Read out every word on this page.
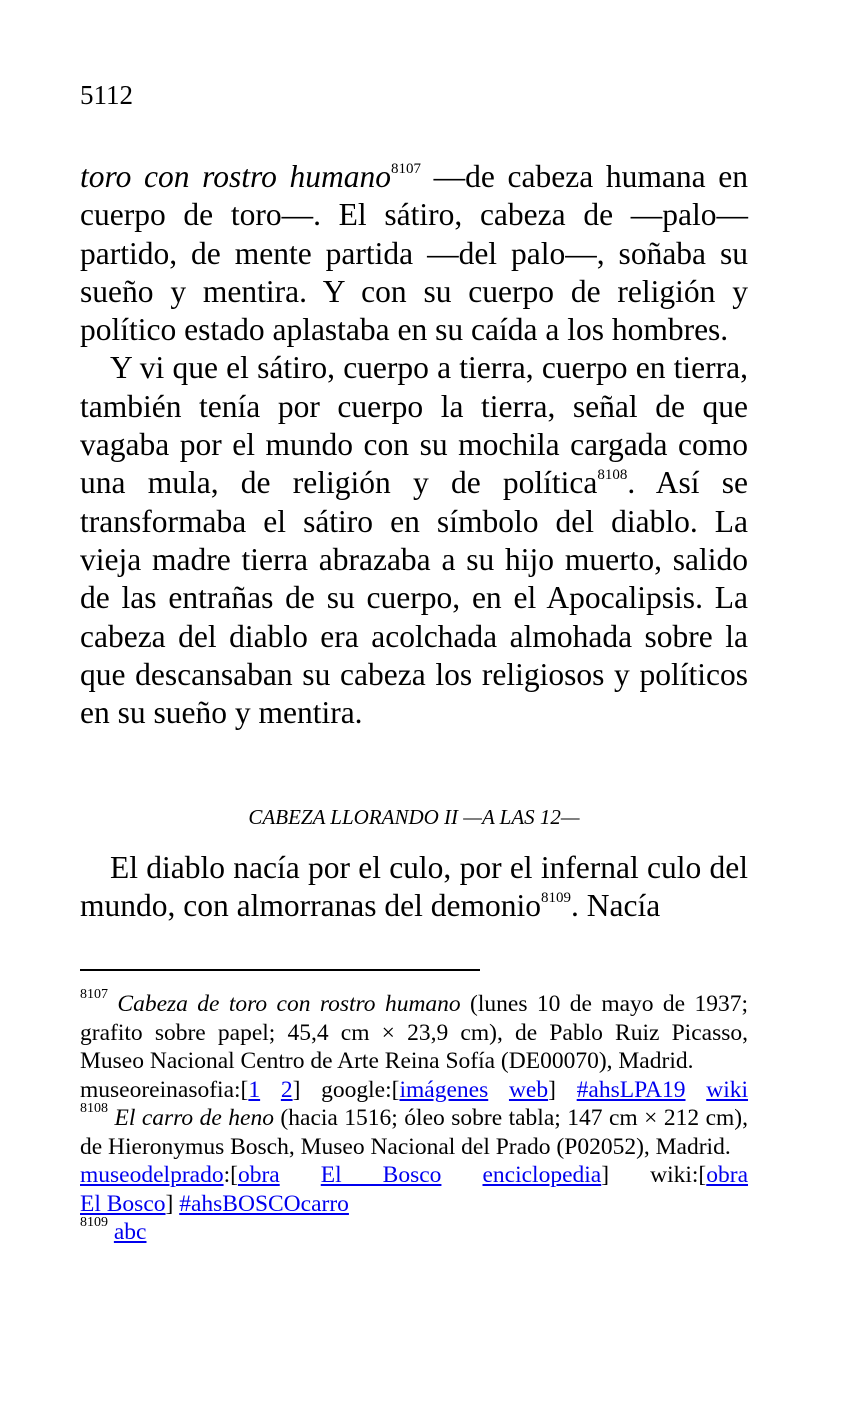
5112

toro con rostro humano$^{8107}$ —de cabeza humana en cuerpo de toro—. El sátiro, cabeza de —palo— partido, de mente partida —del palo—, soñaba su sueño y mentira. Y con su cuerpo de religión y político estado aplastaba en su caída a los hombres.

Y vi que el sátiro, cuerpo a tierra, cuerpo en tierra, también tenía por cuerpo la tierra, señal de que vagaba por el mundo con su mochila cargada como una mula, de religión y de política$^{8108}$. Así se transformaba el sátiro en símbolo del diablo. La vieja madre tierra abrazaba a su hijo muerto, salido de las entrañas de su cuerpo, en el Apocalipsis. La cabeza del diablo era acolchada almohada sobre la que descansaban su cabeza los religiosos y políticos en su sueño y mentira.

CABEZA LLORANDO II —A LAS 12—

El diablo nacía por el culo, por el infernal culo del mundo, con almorranas del demonio$^{8109}$. Nacía

$^{8107}$ Cabeza de toro con rostro humano (lunes 10 de mayo de 1937; grafito sobre papel; 45,4 cm × 23,9 cm), de Pablo Ruiz Picasso, Museo Nacional Centro de Arte Reina Sofía (DE00070), Madrid.

museoreinasofia:[1 2] google:[imágenes web] #ahsLPA19 wiki

$^{8108}$ El carro de heno (hacia 1516; óleo sobre tabla; 147 cm × 212 cm), de Hieronymus Bosch, Museo Nacional del Prado (P02052), Madrid.

museodelprado:[obra El Bosco enciclopedia] wiki:[obra

El Bosco] #ahsBOSCOcarro

$^{8109}$ abc
